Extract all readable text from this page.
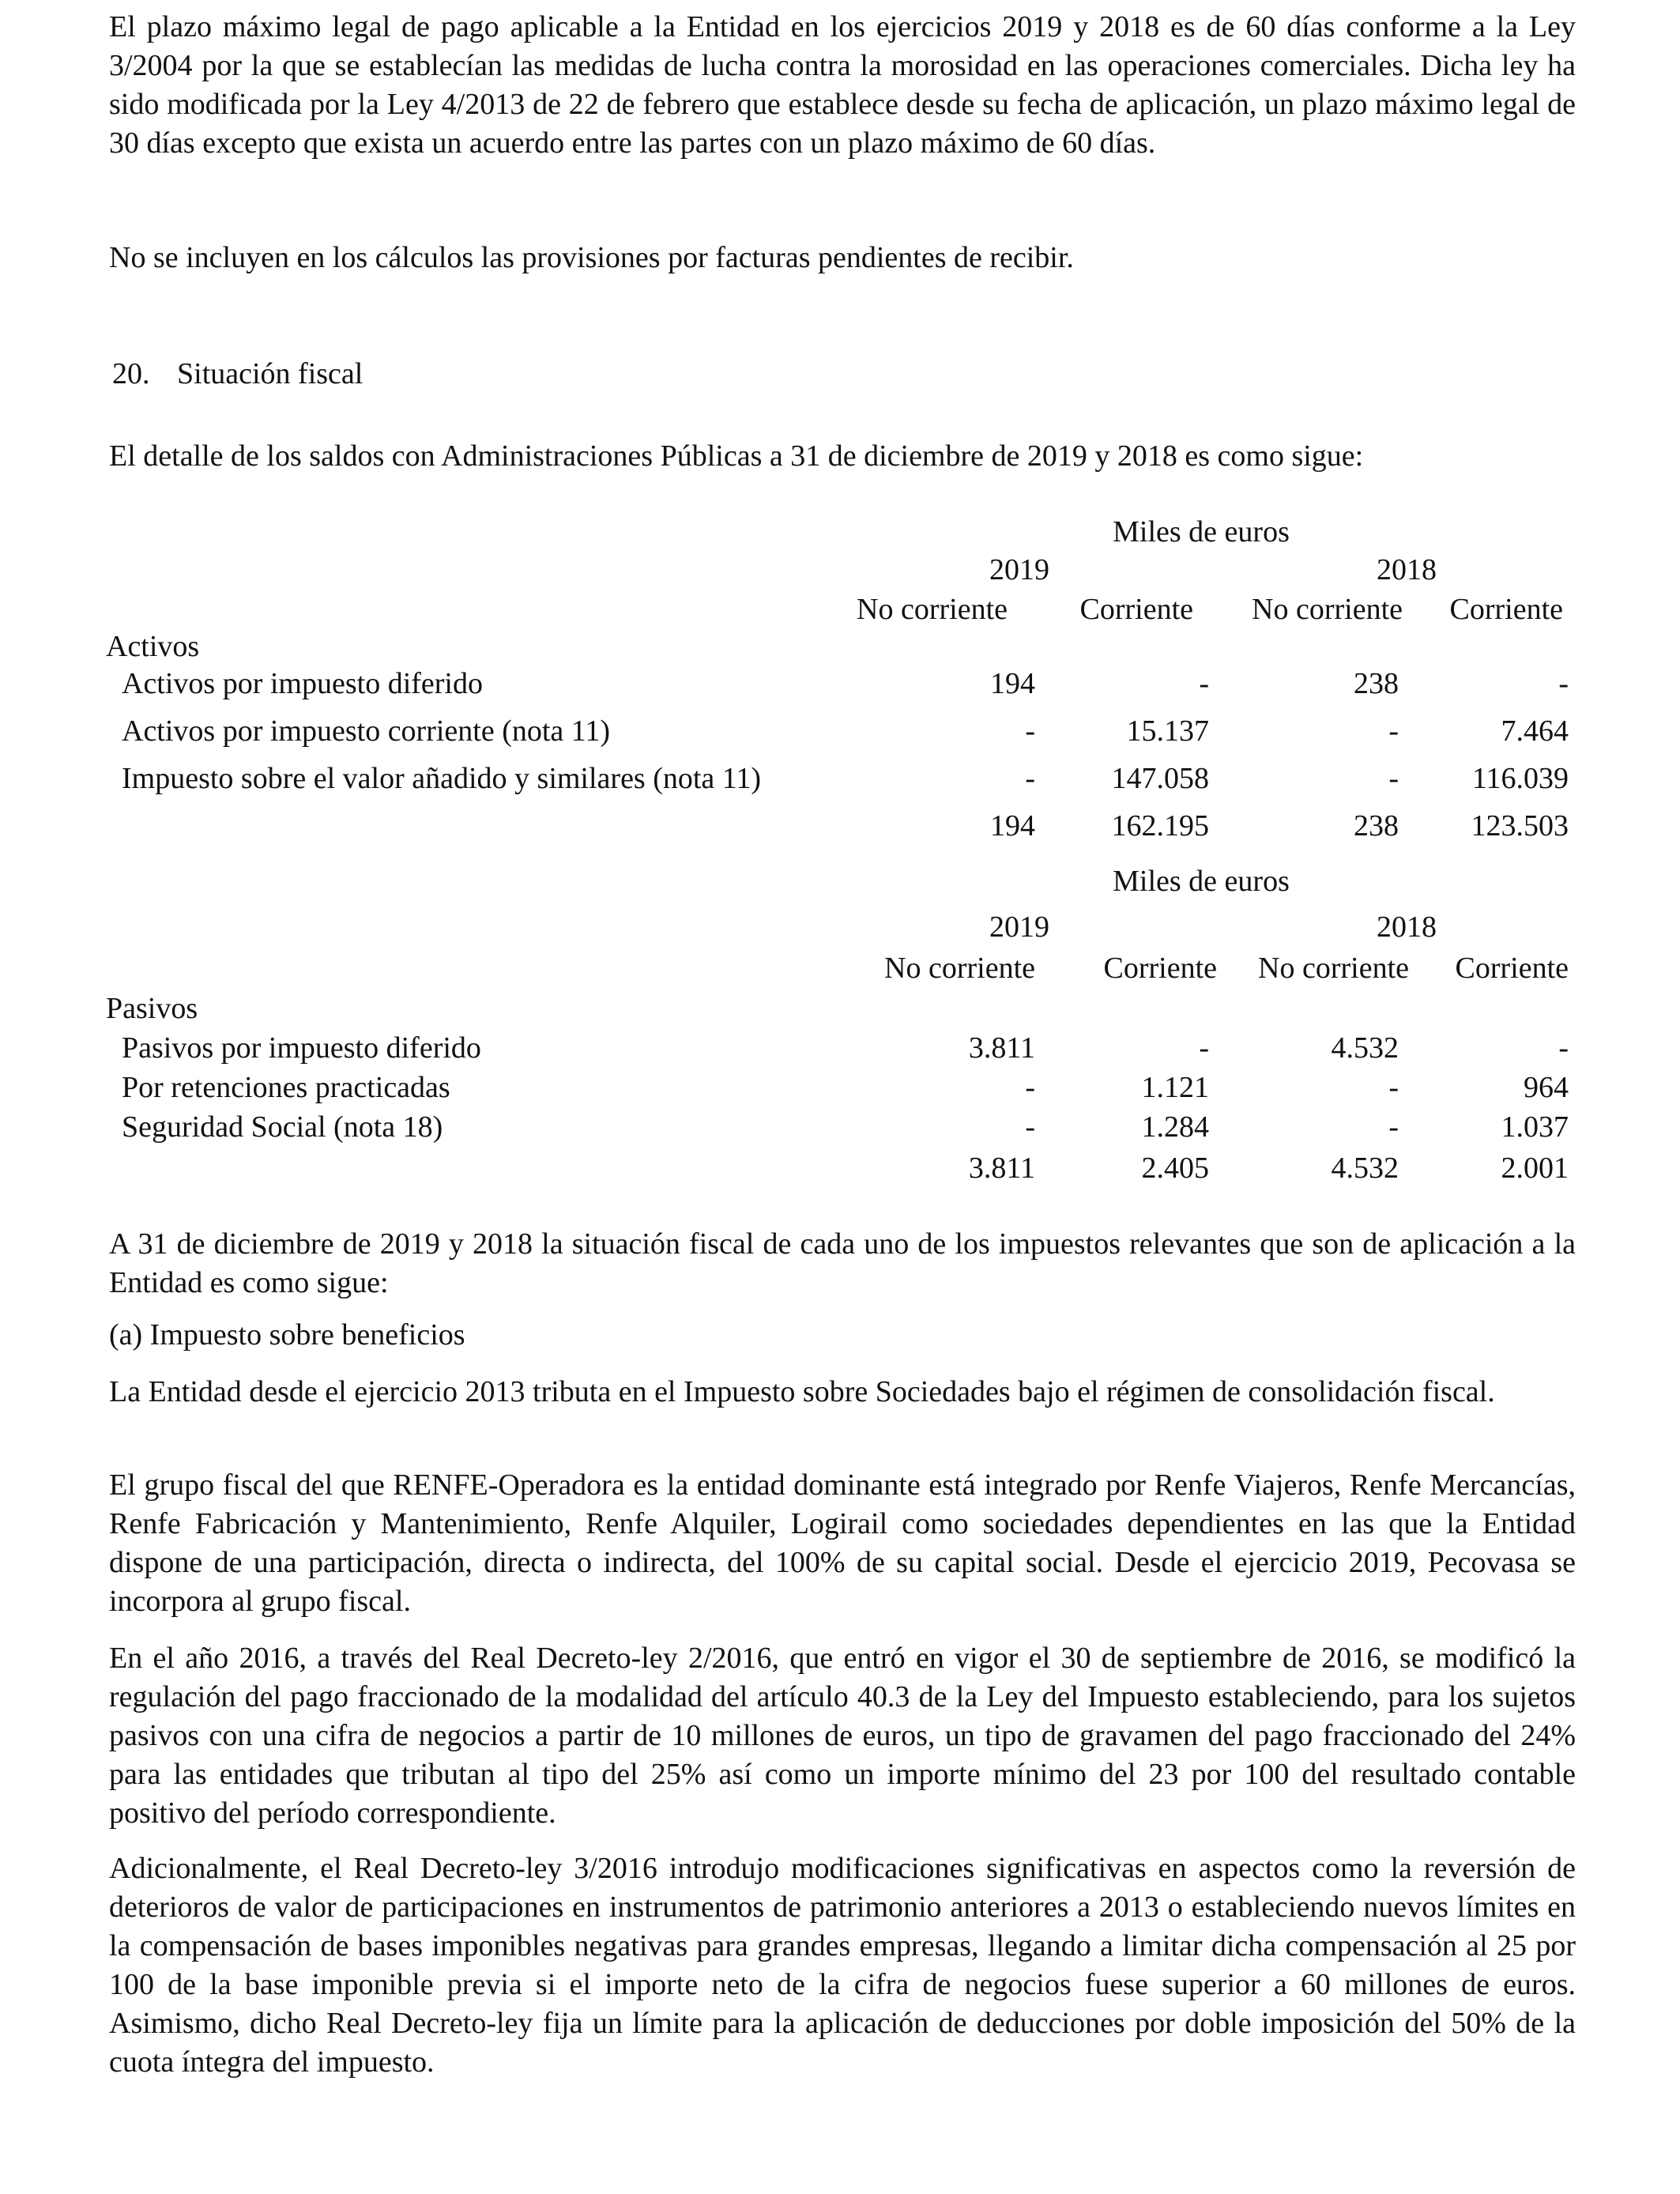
El plazo máximo legal de pago aplicable a la Entidad en los ejercicios 2019 y 2018 es de 60 días conforme a la Ley 3/2004 por la que se establecían las medidas de lucha contra la morosidad en las operaciones comerciales. Dicha ley ha sido modificada por la Ley 4/2013 de 22 de febrero que establece desde su fecha de aplicación, un plazo máximo legal de 30 días excepto que exista un acuerdo entre las partes con un plazo máximo de 60 días.

No se incluyen en los cálculos las provisiones por facturas pendientes de recibir.

20. Situación fiscal

El detalle de los saldos con Administraciones Públicas a 31 de diciembre de 2019 y 2018 es como sigue:

Miles de euros
2019	2018
No corriente	Corriente	No corriente	Corriente
Activos
Activos por impuesto diferido	194	-	238	-
Activos por impuesto corriente (nota 11)	-	15.137	-	7.464
Impuesto sobre el valor añadido y similares (nota 11)	-	147.058	-	116.039
194	162.195	238	123.503
Miles de euros
2019	2018
No corriente	Corriente	No corriente	Corriente
Pasivos
Pasivos por impuesto diferido	3.811	-	4.532	-
Por retenciones practicadas	-	1.121	-	964
Seguridad Social (nota 18)	-	1.284	-	1.037
3.811	2.405	4.532	2.001

A 31 de diciembre de 2019 y 2018 la situación fiscal de cada uno de los impuestos relevantes que son de aplicación a la Entidad es como sigue:

(a) Impuesto sobre beneficios

La Entidad desde el ejercicio 2013 tributa en el Impuesto sobre Sociedades bajo el régimen de consolidación fiscal.

El grupo fiscal del que RENFE-Operadora es la entidad dominante está integrado por Renfe Viajeros, Renfe Mercancías, Renfe Fabricación y Mantenimiento, Renfe Alquiler, Logirail como sociedades dependientes en las que la Entidad dispone de una participación, directa o indirecta, del 100% de su capital social. Desde el ejercicio 2019, Pecovasa se incorpora al grupo fiscal.

En el año 2016, a través del Real Decreto-ley 2/2016, que entró en vigor el 30 de septiembre de 2016, se modificó la regulación del pago fraccionado de la modalidad del artículo 40.3 de la Ley del Impuesto estableciendo, para los sujetos pasivos con una cifra de negocios a partir de 10 millones de euros, un tipo de gravamen del pago fraccionado del 24% para las entidades que tributan al tipo del 25% así como un importe mínimo del 23 por 100 del resultado contable positivo del período correspondiente.

Adicionalmente, el Real Decreto-ley 3/2016 introdujo modificaciones significativas en aspectos como la reversión de deterioros de valor de participaciones en instrumentos de patrimonio anteriores a 2013 o estableciendo nuevos límites en la compensación de bases imponibles negativas para grandes empresas, llegando a limitar dicha compensación al 25 por 100 de la base imponible previa si el importe neto de la cifra de negocios fuese superior a 60 millones de euros. Asimismo, dicho Real Decreto-ley fija un límite para la aplicación de deducciones por doble imposición del 50% de la cuota íntegra del impuesto.
